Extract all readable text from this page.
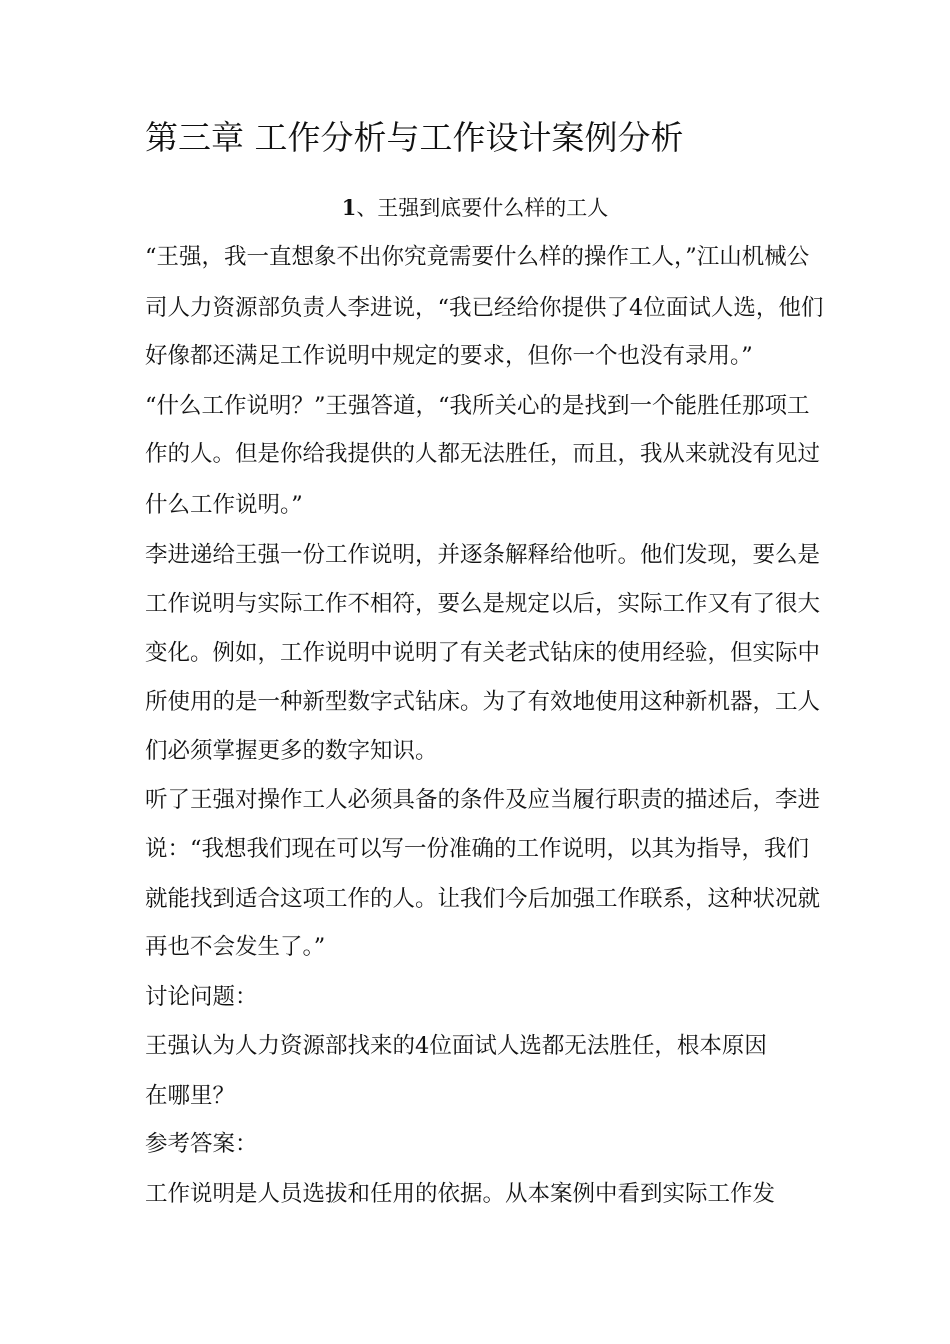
第三章 工作分析与工作设计案例分析
1、王强到底要什么样的工人
“王强，我一直想象不出你究竟需要什么样的操作工人，”江山机械公
司人力资源部负责人李进说，“我已经给你提供了4位面试人选，他们
好像都还满足工作说明中规定的要求，但你一个也没有录用。”
“什么工作说明？”王强答道，“我所关心的是找到一个能胜任那项工
作的人。但是你给我提供的人都无法胜任，而且，我从来就没有见过
什么工作说明。”
李进递给王强一份工作说明，并逐条解释给他听。他们发现，要么是
工作说明与实际工作不相符，要么是规定以后，实际工作又有了很大
变化。例如，工作说明中说明了有关老式钻床的使用经验，但实际中
所使用的是一种新型数字式钻床。为了有效地使用这种新机器，工人
们必须掌握更多的数字知识。
听了王强对操作工人必须具备的条件及应当履行职责的描述后，李进
说：“我想我们现在可以写一份准确的工作说明，以其为指导，我们
就能找到适合这项工作的人。让我们今后加强工作联系，这种状况就
再也不会发生了。”
讨论问题：
王强认为人力资源部找来的4位面试人选都无法胜任，根本原因
在哪里？
参考答案：
工作说明是人员选拔和任用的依据。从本案例中看到实际工作发
